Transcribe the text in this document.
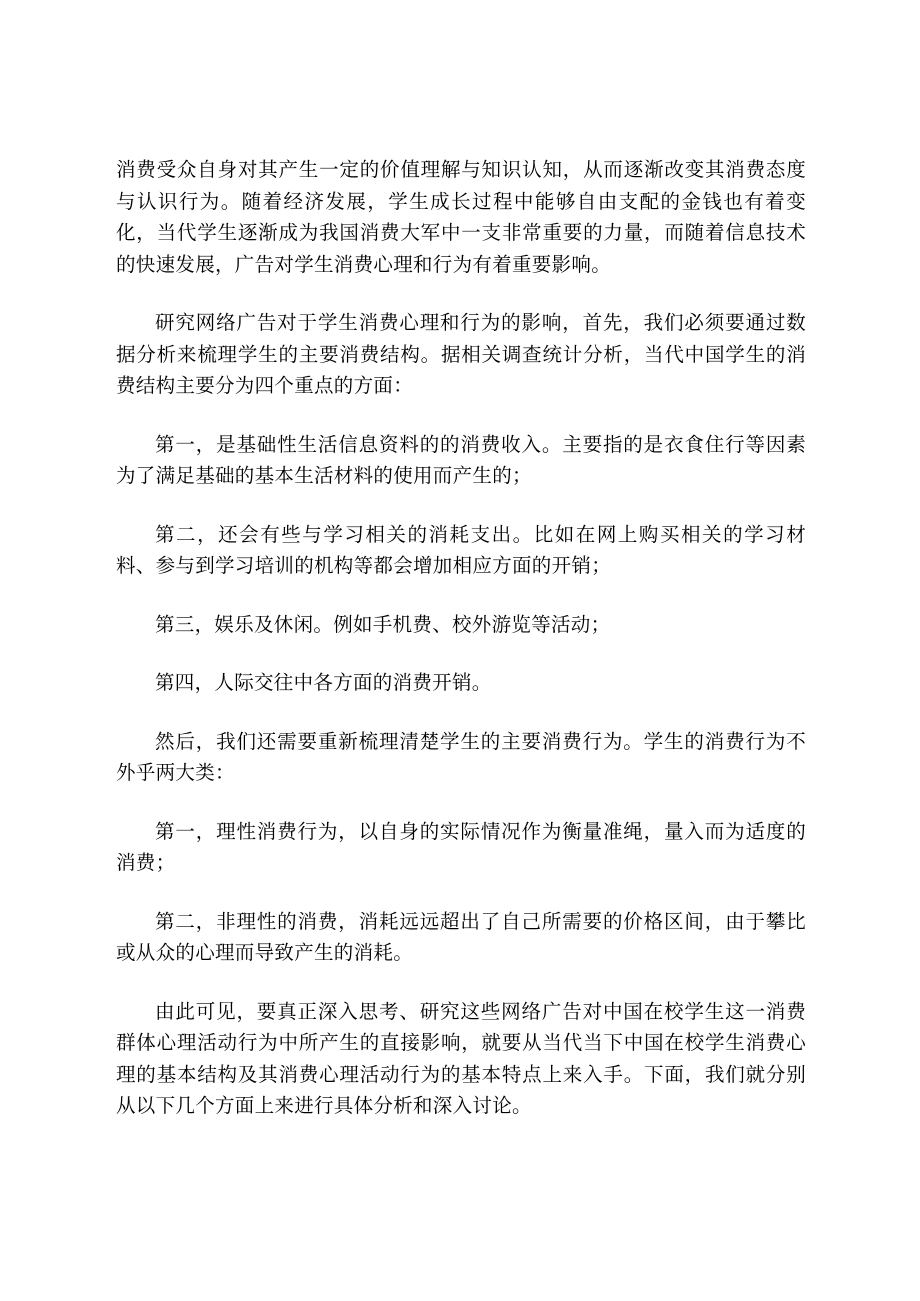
消费受众自身对其产生一定的价值理解与知识认知，从而逐渐改变其消费态度与认识行为。随着经济发展，学生成长过程中能够自由支配的金钱也有着变化，当代学生逐渐成为我国消费大军中一支非常重要的力量，而随着信息技术的快速发展，广告对学生消费心理和行为有着重要影响。

研究网络广告对于学生消费心理和行为的影响，首先，我们必须要通过数据分析来梳理学生的主要消费结构。据相关调查统计分析，当代中国学生的消费结构主要分为四个重点的方面：

第一，是基础性生活信息资料的的消费收入。主要指的是衣食住行等因素为了满足基础的基本生活材料的使用而产生的；

第二，还会有些与学习相关的消耗支出。比如在网上购买相关的学习材料、参与到学习培训的机构等都会增加相应方面的开销；

第三，娱乐及休闲。例如手机费、校外游览等活动；

第四，人际交往中各方面的消费开销。

然后，我们还需要重新梳理清楚学生的主要消费行为。学生的消费行为不外乎两大类：

第一，理性消费行为，以自身的实际情况作为衡量准绳，量入而为适度的消费；

第二，非理性的消费，消耗远远超出了自己所需要的价格区间，由于攀比或从众的心理而导致产生的消耗。

由此可见，要真正深入思考、研究这些网络广告对中国在校学生这一消费群体心理活动行为中所产生的直接影响，就要从当代当下中国在校学生消费心理的基本结构及其消费心理活动行为的基本特点上来入手。下面，我们就分别从以下几个方面上来进行具体分析和深入讨论。
